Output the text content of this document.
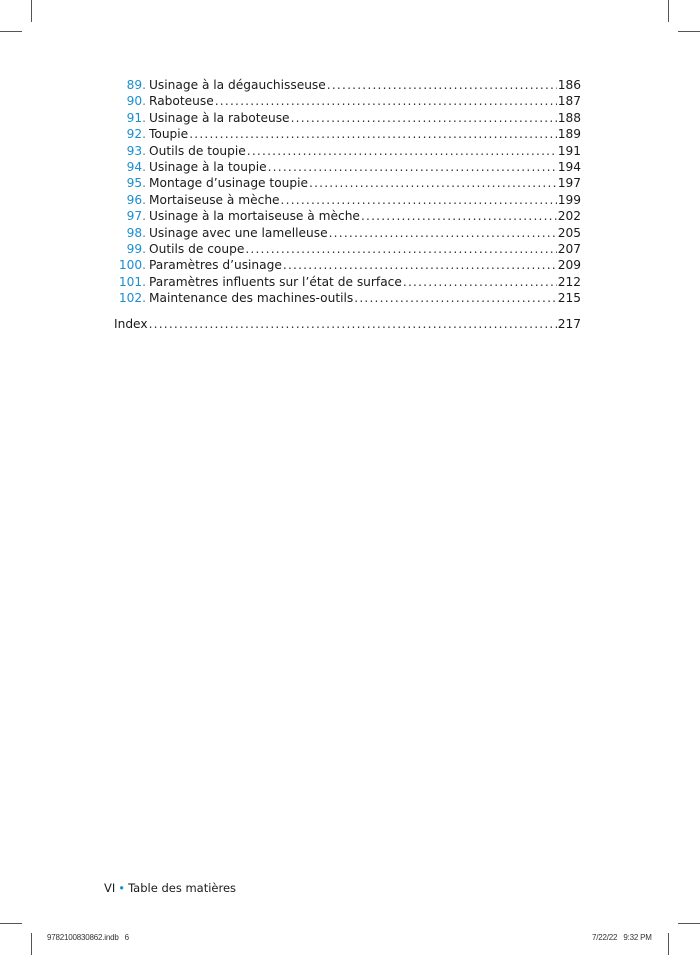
89. Usinage à la dégauchisseuse .....	186
90. Raboteuse .....	187
91. Usinage à la raboteuse .....	188
92. Toupie .....	189
93. Outils de toupie .....	191
94. Usinage à la toupie .....	194
95. Montage d’usinage toupie .....	197
96. Mortaiseuse à mèche .....	199
97. Usinage à la mortaiseuse à mèche .....	202
98. Usinage avec une lamelleuse .....	205
99. Outils de coupe .....	207
100. Paramètres d’usinage .....	209
101. Paramètres influents sur l’état de surface .....	212
102. Maintenance des machines-outils .....	215
Index .....	217
VI • Table des matières
9782100830862.indb   6	7/22/22   9:32 PM
